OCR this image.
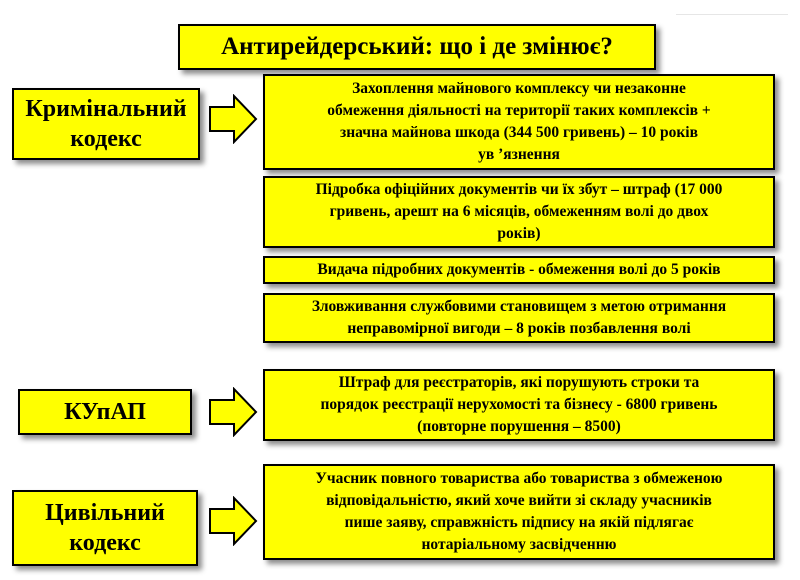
Антирейдерський: що і де змінює?
Кримінальний
кодекс
КУпАП
Цивільний
кодекс
Захоплення майнового комплексу чи незаконне
обмеження діяльності на території таких комплексів +
значна майнова шкода (344 500 гривень) – 10 років
ув ’язнення
Підробка офіційних документів чи їх збут – штраф (17 000
гривень, арешт на 6 місяців, обмеженням волі до двох
років)
Видача підробних документів - обмеження волі до 5 років
Зловживання службовими становищем з метою отримання
неправомірної вигоди – 8 років позбавлення волі
Штраф для реєстраторів, які порушують строки та
порядок реєстрації нерухомості та бізнесу - 6800 гривень
(повторне порушення – 8500)
Учасник повного товариства або товариства з обмеженою
відповідальністю, який хоче вийти зі складу учасників
пише заяву, справжність підпису на якій підлягає
нотаріальному засвідченню
